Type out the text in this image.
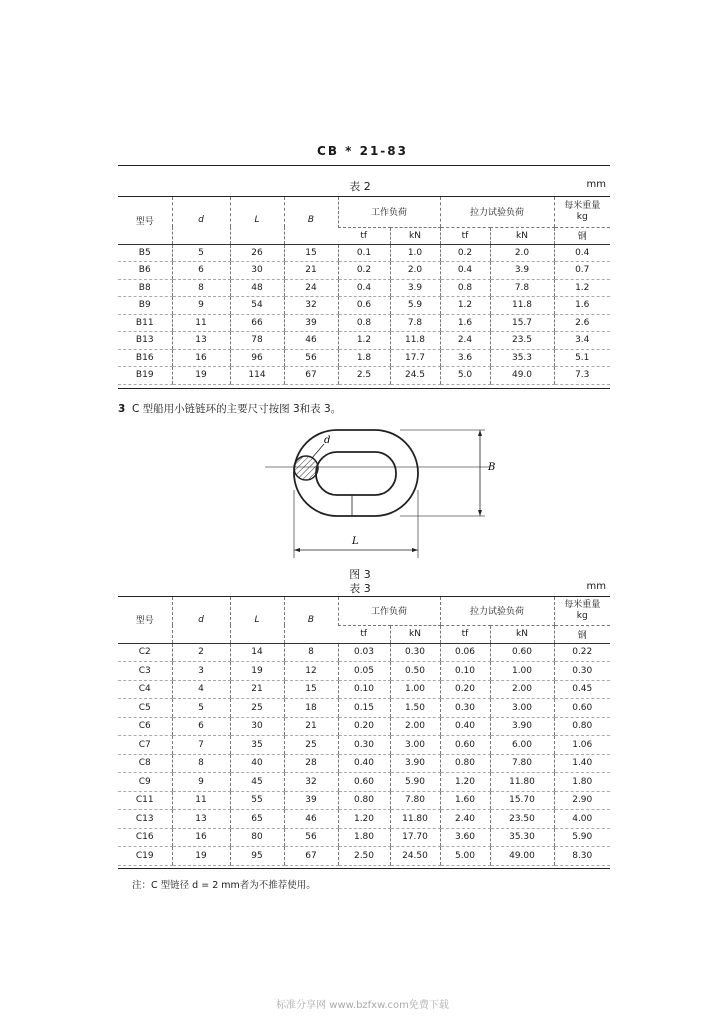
CB * 21-83
表 2	mm
型号	d	L	B	工作负荷		拉力试验负荷		每米重量
kg
				tf	kN	tf	kN	钢
B5	5	26	15	0.1	1.0	0.2	2.0	0.4
B6	6	30	21	0.2	2.0	0.4	3.9	0.7
B8	8	48	24	0.4	3.9	0.8	7.8	1.2
B9	9	54	32	0.6	5.9	1.2	11.8	1.6
B11	11	66	39	0.8	7.8	1.6	15.7	2.6
B13	13	78	46	1.2	11.8	2.4	23.5	3.4
B16	16	96	56	1.8	17.7	3.6	35.3	5.1
B19	19	114	67	2.5	24.5	5.0	49.0	7.3
3 C 型船用小链链环的主要尺寸按图 3和表 3。
d
B
L
图 3
表 3	mm
型号	d	L	B	工作负荷		拉力试验负荷		每米重量
kg
				tf	kN	tf	kN	钢
C2	2	14	8	0.03	0.30	0.06	0.60	0.22
C3	3	19	12	0.05	0.50	0.10	1.00	0.30
C4	4	21	15	0.10	1.00	0.20	2.00	0.45
C5	5	25	18	0.15	1.50	0.30	3.00	0.60
C6	6	30	21	0.20	2.00	0.40	3.90	0.80
C7	7	35	25	0.30	3.00	0.60	6.00	1.06
C8	8	40	28	0.40	3.90	0.80	7.80	1.40
C9	9	45	32	0.60	5.90	1.20	11.80	1.80
C11	11	55	39	0.80	7.80	1.60	15.70	2.90
C13	13	65	46	1.20	11.80	2.40	23.50	4.00
C16	16	80	56	1.80	17.70	3.60	35.30	5.90
C19	19	95	67	2.50	24.50	5.00	49.00	8.30
注：C 型链径 d = 2 mm者为不推荐使用。
标准分享网 www.bzfxw.com免费下载
